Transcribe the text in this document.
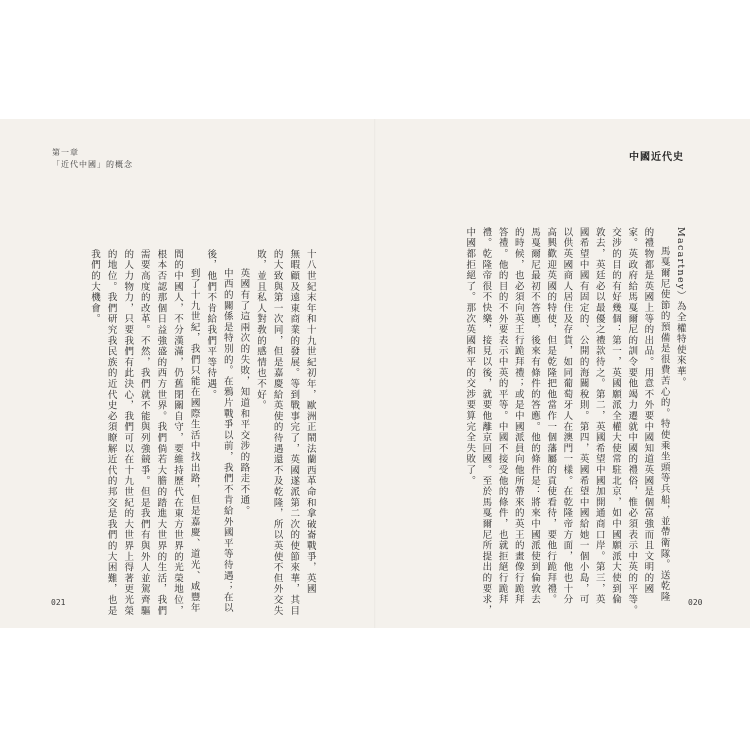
第一章
「近代中國」的概念
十八世紀末年和十九世紀初年，歐洲正鬧法蘭西革命和拿破崙戰爭，英國
無暇顧及遠東商業的發展。等到戰事完了，英國遂派第二次的使節來華，其目
的大致與第一次同，但是嘉慶給英使的待遇還不及乾隆，所以英使不但外交失
敗，並且私人對敎的感情也不好。
英國有了這兩次的失敗，知道和平交涉的路走不通。
中西的關係是特別的。在鴉片戰爭以前，我們不肯給外國平等待遇；在以
後，他們不肯給我們平等待遇。
到了十九世紀，我們只能在國際生活中找出路，但是嘉慶、道光、咸豐年
間的中國人，不分漢滿，仍舊閉關自守，要維持歷代在東方世界的光榮地位，
根本否認那個日益強盛的西方世界。我們倘若大膽的踏進大世界的生活，我們
需要高度的改革。不然，我們就不能與列強競爭。但是我們有與外人並駕齊驅
的人力物力，只要我們有此決心，我們可以在十九世紀的大世界上得著更光榮
的地位。我們研究我民族的近代史必須瞭解近代的邦交是我們的大困難，也是
我們的大機會。
021
中國近代史
Macartney）為全權特使來華。
馬戛爾尼使節的預備是很費苦心的。特使乘坐頭等兵船，並帶衛隊。送乾隆
的禮物都是英國上等的出品。用意不外要中國知道英國是個富強而且文明的國
家。英政府給馬戛爾尼的訓令要他竭力遷就中國的禮俗，惟必須表示中英的平等。
交涉的目的有好幾個：第一，英國願派全權大使常駐北京，如中國願派大使到倫
敦去，英廷必以最優之禮款待之。第二，英國希望中國加開通商口岸。第三，英
國希望中國有固定的、公開的海關稅則。第四，英國希望中國給她一個小島，可
以供英國商人居住及存貨，如同葡萄牙人在澳門一樣。在乾隆帝方面，他也十分
高興歡迎英國的特使，但是乾隆把他當作一個藩屬的貢使看待，要他行跪拜禮。
馬戛爾尼最初不答應，後來有條件的答應。他的條件是：將來中國派使到倫敦去
的時候，也必須向英王行跪拜禮；或是中國派員向他所帶來的英王的畫像行跪拜
答禮。他的目的不外要表示中英的平等。中國不接受他的條件，也就拒絕行跪拜
禮。乾隆帝很不快樂，接見以後，就要他離京回國。至於馬戛爾尼所提出的要求，
中國都拒絕了。那次英國和平的交涉要算完全失敗了。
020
